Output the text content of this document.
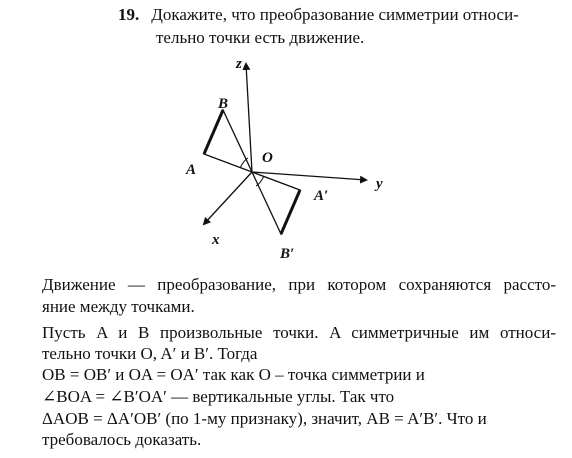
19. Докажите, что преобразование симметрии относи-
тельно точки есть движение.
z
y
x
O
A
B
A′
B′
Движение — преобразование, при котором сохраняются рассто-
яние между точками.
Пусть A и B произвольные точки. A симметричные им относи-
тельно точки O, A′ и B′. Тогда
OB = OB′ и OA = OA′ так как O – точка симметрии и
∠BOA = ∠B′OA′ — вертикальные углы. Так что
ΔAOB = ΔA′OB′ (по 1-му признаку), значит, AB = A′B′. Что и
требовалось доказать.
